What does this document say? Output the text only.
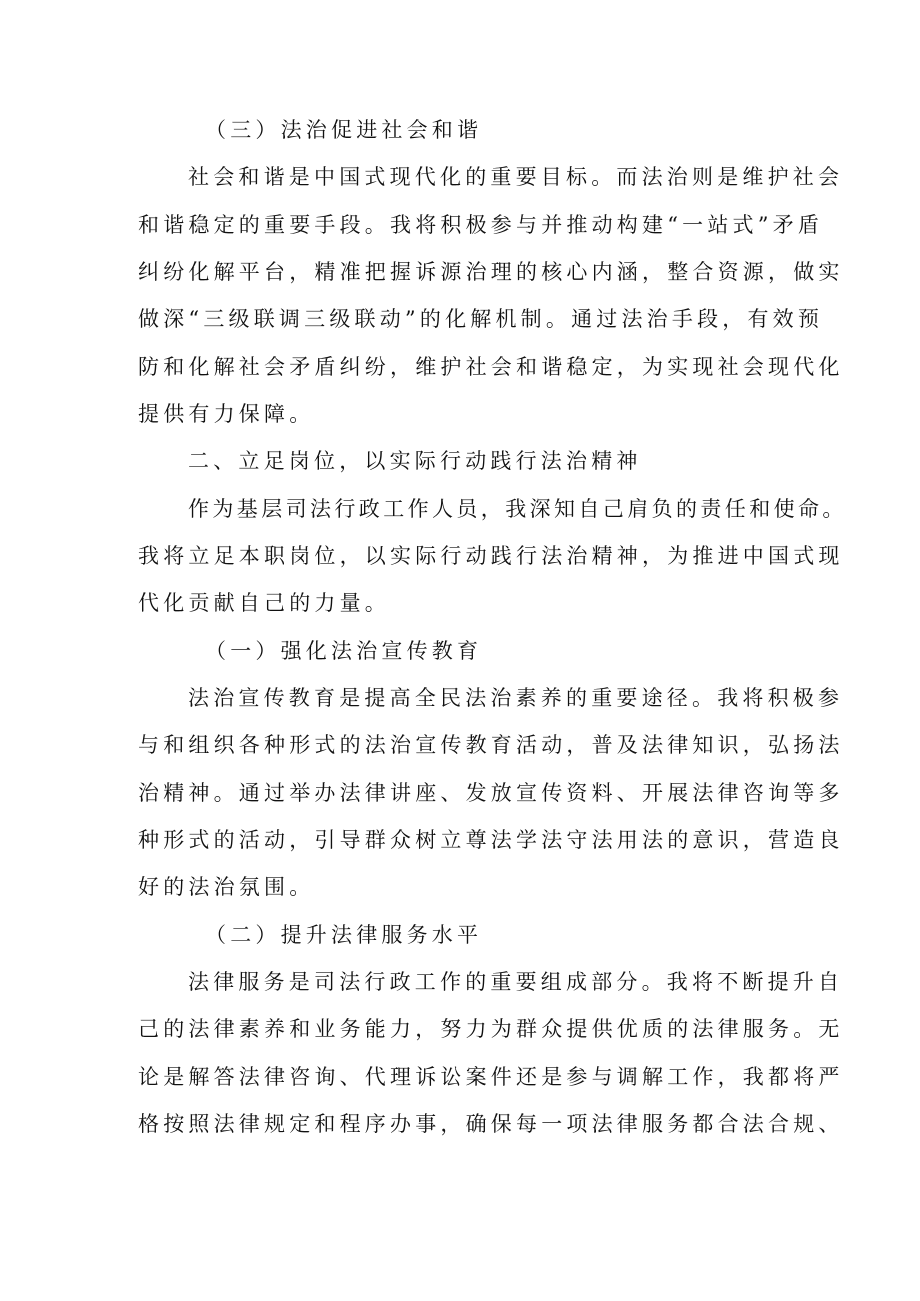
（三）法治促进社会和谐
社会和谐是中国式现代化的重要目标。而法治则是维护社会
和谐稳定的重要手段。我将积极参与并推动构建“一站式”矛盾
纠纷化解平台，精准把握诉源治理的核心内涵，整合资源，做实
做深“三级联调三级联动”的化解机制。通过法治手段，有效预
防和化解社会矛盾纠纷，维护社会和谐稳定，为实现社会现代化
提供有力保障。
二、立足岗位，以实际行动践行法治精神
作为基层司法行政工作人员，我深知自己肩负的责任和使命。
我将立足本职岗位，以实际行动践行法治精神，为推进中国式现
代化贡献自己的力量。
（一）强化法治宣传教育
法治宣传教育是提高全民法治素养的重要途径。我将积极参
与和组织各种形式的法治宣传教育活动，普及法律知识，弘扬法
治精神。通过举办法律讲座、发放宣传资料、开展法律咨询等多
种形式的活动，引导群众树立尊法学法守法用法的意识，营造良
好的法治氛围。
（二）提升法律服务水平
法律服务是司法行政工作的重要组成部分。我将不断提升自
己的法律素养和业务能力，努力为群众提供优质的法律服务。无
论是解答法律咨询、代理诉讼案件还是参与调解工作，我都将严
格按照法律规定和程序办事，确保每一项法律服务都合法合规、
